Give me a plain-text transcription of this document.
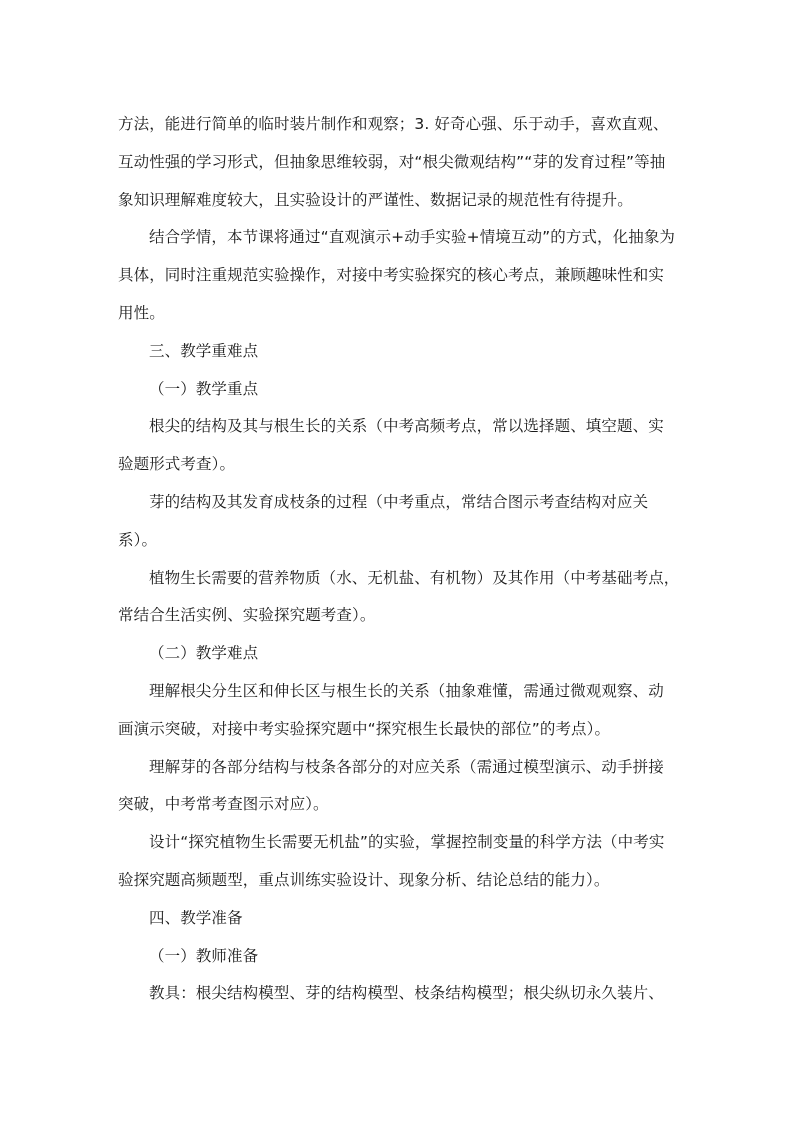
方法，能进行简单的临时装片制作和观察；3. 好奇心强、乐于动手，喜欢直观、
互动性强的学习形式，但抽象思维较弱，对“根尖微观结构”“芽的发育过程”等抽
象知识理解难度较大，且实验设计的严谨性、数据记录的规范性有待提升。
结合学情，本节课将通过“直观演示+动手实验+情境互动”的方式，化抽象为
具体，同时注重规范实验操作，对接中考实验探究的核心考点，兼顾趣味性和实
用性。
三、教学重难点
（一）教学重点
根尖的结构及其与根生长的关系（中考高频考点，常以选择题、填空题、实
验题形式考查）。
芽的结构及其发育成枝条的过程（中考重点，常结合图示考查结构对应关
系）。
植物生长需要的营养物质（水、无机盐、有机物）及其作用（中考基础考点，
常结合生活实例、实验探究题考查）。
（二）教学难点
理解根尖分生区和伸长区与根生长的关系（抽象难懂，需通过微观观察、动
画演示突破，对接中考实验探究题中“探究根生长最快的部位”的考点）。
理解芽的各部分结构与枝条各部分的对应关系（需通过模型演示、动手拼接
突破，中考常考查图示对应）。
设计“探究植物生长需要无机盐”的实验，掌握控制变量的科学方法（中考实
验探究题高频题型，重点训练实验设计、现象分析、结论总结的能力）。
四、教学准备
（一）教师准备
教具：根尖结构模型、芽的结构模型、枝条结构模型；根尖纵切永久装片、
